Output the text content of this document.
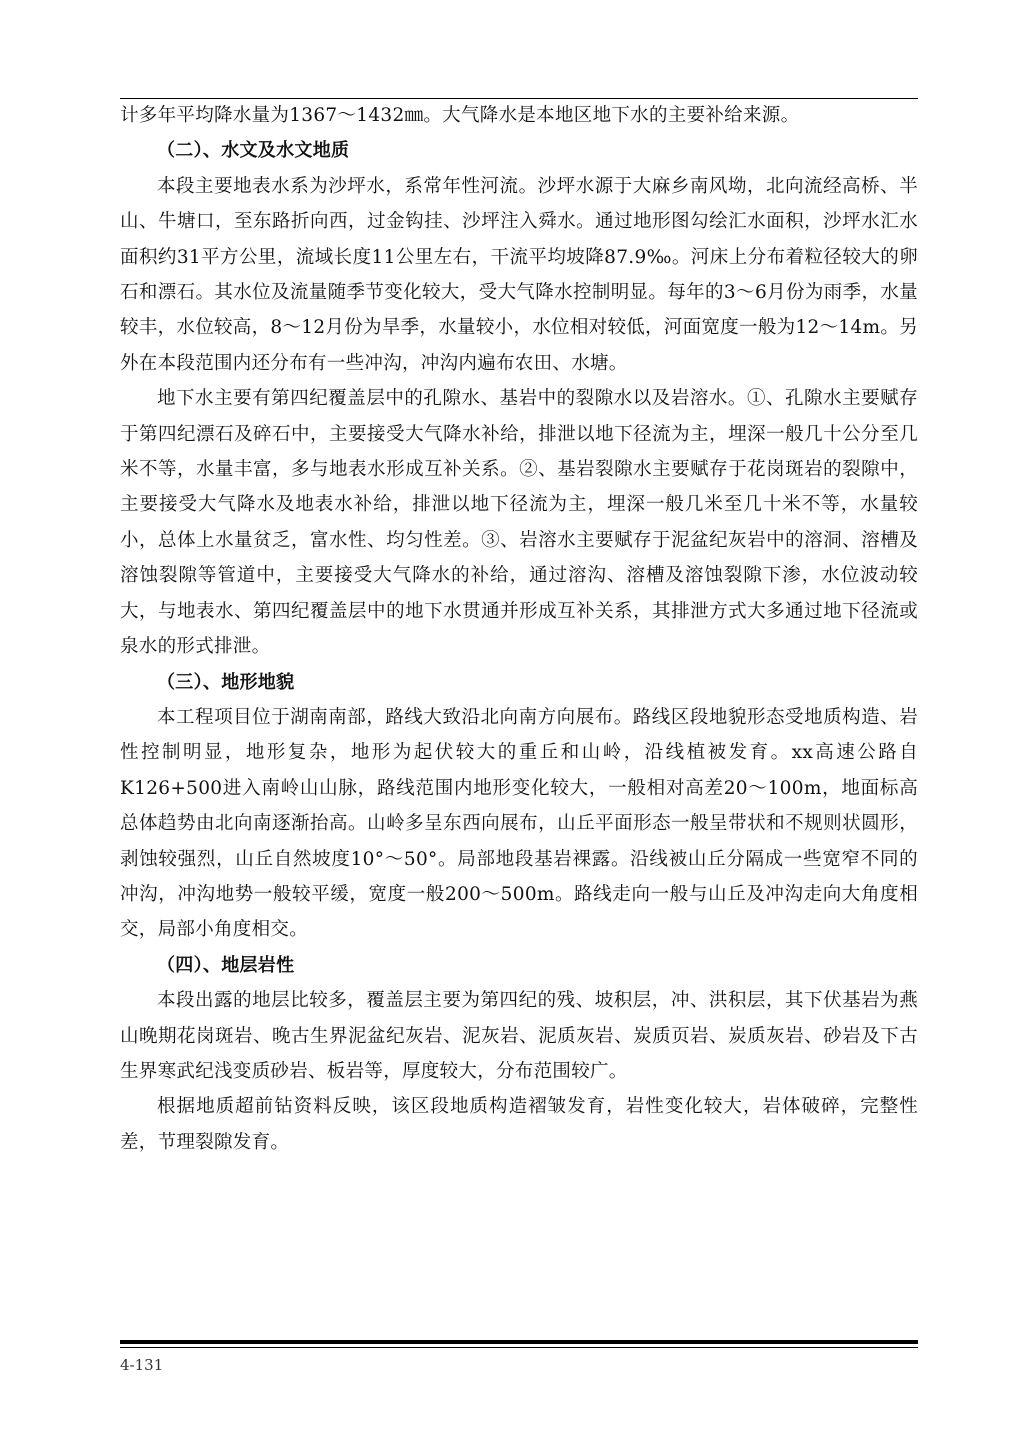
计多年平均降水量为1367～1432㎜。大气降水是本地区地下水的主要补给来源。

（二）、水文及水文地质

本段主要地表水系为沙坪水，系常年性河流。沙坪水源于大麻乡南风坳，北向流经高桥、半山、牛塘口，至东路折向西，过金钩挂、沙坪注入舜水。通过地形图勾绘汇水面积，沙坪水汇水面积约31平方公里，流域长度11公里左右，干流平均坡降87.9‰。河床上分布着粒径较大的卵石和漂石。其水位及流量随季节变化较大，受大气降水控制明显。每年的3～6月份为雨季，水量较丰，水位较高，8～12月份为旱季，水量较小，水位相对较低，河面宽度一般为12～14m。另外在本段范围内还分布有一些冲沟，冲沟内遍布农田、水塘。

地下水主要有第四纪覆盖层中的孔隙水、基岩中的裂隙水以及岩溶水。①、孔隙水主要赋存于第四纪漂石及碎石中，主要接受大气降水补给，排泄以地下径流为主，埋深一般几十公分至几米不等，水量丰富，多与地表水形成互补关系。②、基岩裂隙水主要赋存于花岗斑岩的裂隙中，主要接受大气降水及地表水补给，排泄以地下径流为主，埋深一般几米至几十米不等，水量较小，总体上水量贫乏，富水性、均匀性差。③、岩溶水主要赋存于泥盆纪灰岩中的溶洞、溶槽及溶蚀裂隙等管道中，主要接受大气降水的补给，通过溶沟、溶槽及溶蚀裂隙下渗，水位波动较大，与地表水、第四纪覆盖层中的地下水贯通并形成互补关系，其排泄方式大多通过地下径流或泉水的形式排泄。

（三）、地形地貌

本工程项目位于湖南南部，路线大致沿北向南方向展布。路线区段地貌形态受地质构造、岩性控制明显，地形复杂，地形为起伏较大的重丘和山岭，沿线植被发育。xx高速公路自K126+500进入南岭山山脉，路线范围内地形变化较大，一般相对高差20～100m，地面标高总体趋势由北向南逐渐抬高。山岭多呈东西向展布，山丘平面形态一般呈带状和不规则状圆形，剥蚀较强烈，山丘自然坡度10°～50°。局部地段基岩裸露。沿线被山丘分隔成一些宽窄不同的冲沟，冲沟地势一般较平缓，宽度一般200～500m。路线走向一般与山丘及冲沟走向大角度相交，局部小角度相交。

（四）、地层岩性

本段出露的地层比较多，覆盖层主要为第四纪的残、坡积层，冲、洪积层，其下伏基岩为燕山晚期花岗斑岩、晚古生界泥盆纪灰岩、泥灰岩、泥质灰岩、炭质页岩、炭质灰岩、砂岩及下古生界寒武纪浅变质砂岩、板岩等，厚度较大，分布范围较广。

根据地质超前钻资料反映，该区段地质构造褶皱发育，岩性变化较大，岩体破碎，完整性差，节理裂隙发育。

4-131
